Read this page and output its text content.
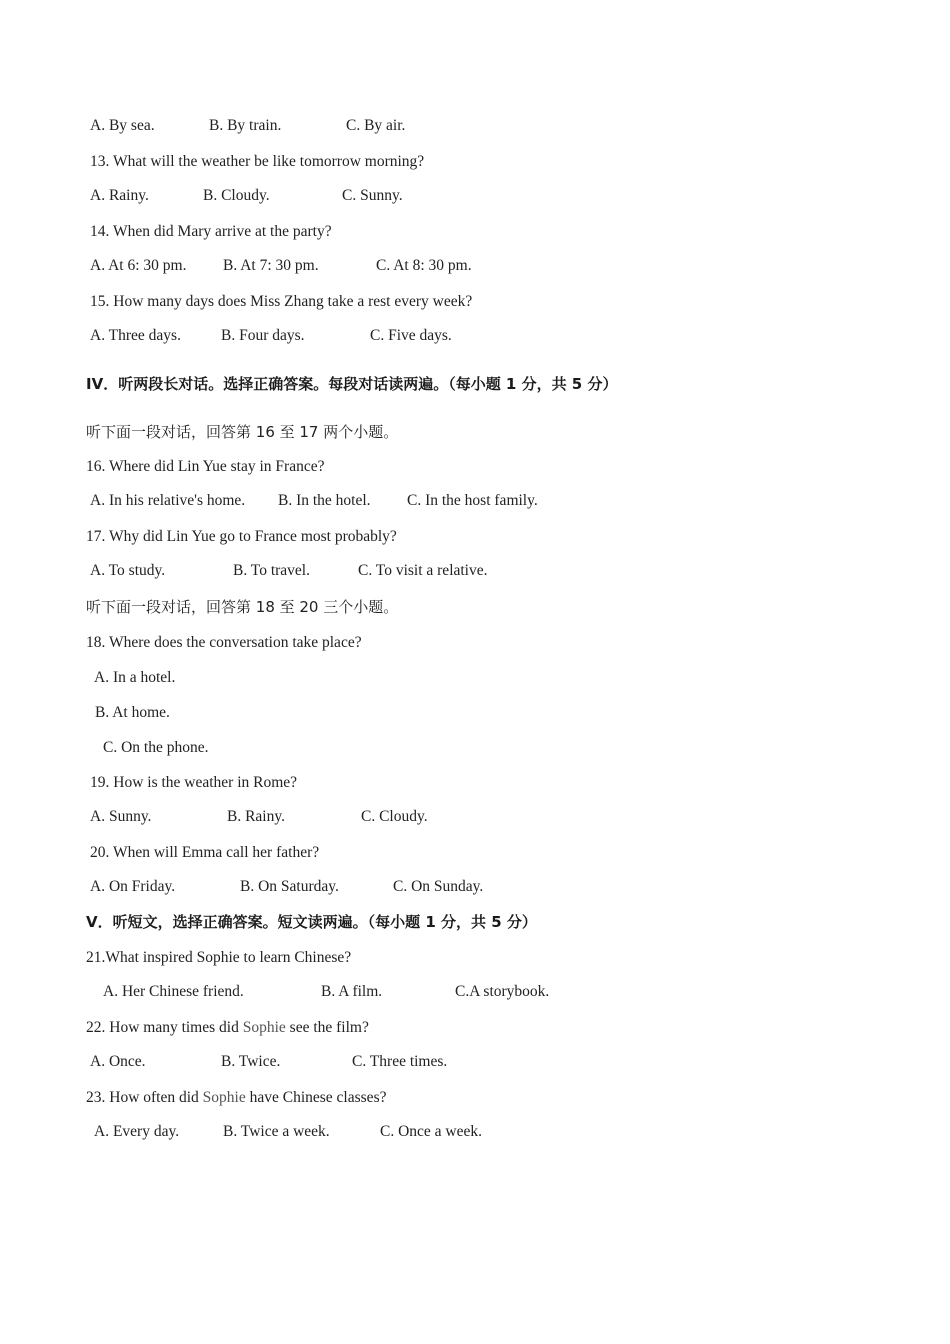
A. By sea.	B. By train.	C. By air.
13. What will the weather be like tomorrow morning?
A. Rainy.	B. Cloudy.	C. Sunny.
14. When did Mary arrive at the party?
A. At 6: 30 pm. B. At 7: 30 pm.	C. At 8: 30 pm.
15. How many days does Miss Zhang take a rest every week?
A. Three days.	B. Four days.	C. Five days.
IV．听两段长对话。选择正确答案。每段对话读两遍。（每小题 1 分，共 5 分）
听下面一段对话，回答第 16 至 17 两个小题。
16. Where did Lin Yue stay in France?
A. In his relative's home. B. In the hotel. C. In the host family.
17. Why did Lin Yue go to France most probably?
A. To study.	B. To travel.	C. To visit a relative.
听下面一段对话，回答第 18 至 20 三个小题。
18. Where does the conversation take place?
A. In a hotel.
B. At home.
C. On the phone.
19. How is the weather in Rome?
A. Sunny.	B. Rainy.	C. Cloudy.
20. When will Emma call her father?
A. On Friday.	B. On Saturday.	C. On Sunday.
V．听短文，选择正确答案。短文读两遍。（每小题 1 分，共 5 分）
21.What inspired Sophie to learn Chinese?
A. Her Chinese friend.	B. A film.	C.A storybook.
22. How many times did Sophie see the film?
A. Once.	B. Twice.	C. Three times.
23. How often did Sophie have Chinese classes?
A. Every day.	B. Twice a week.	C. Once a week.
